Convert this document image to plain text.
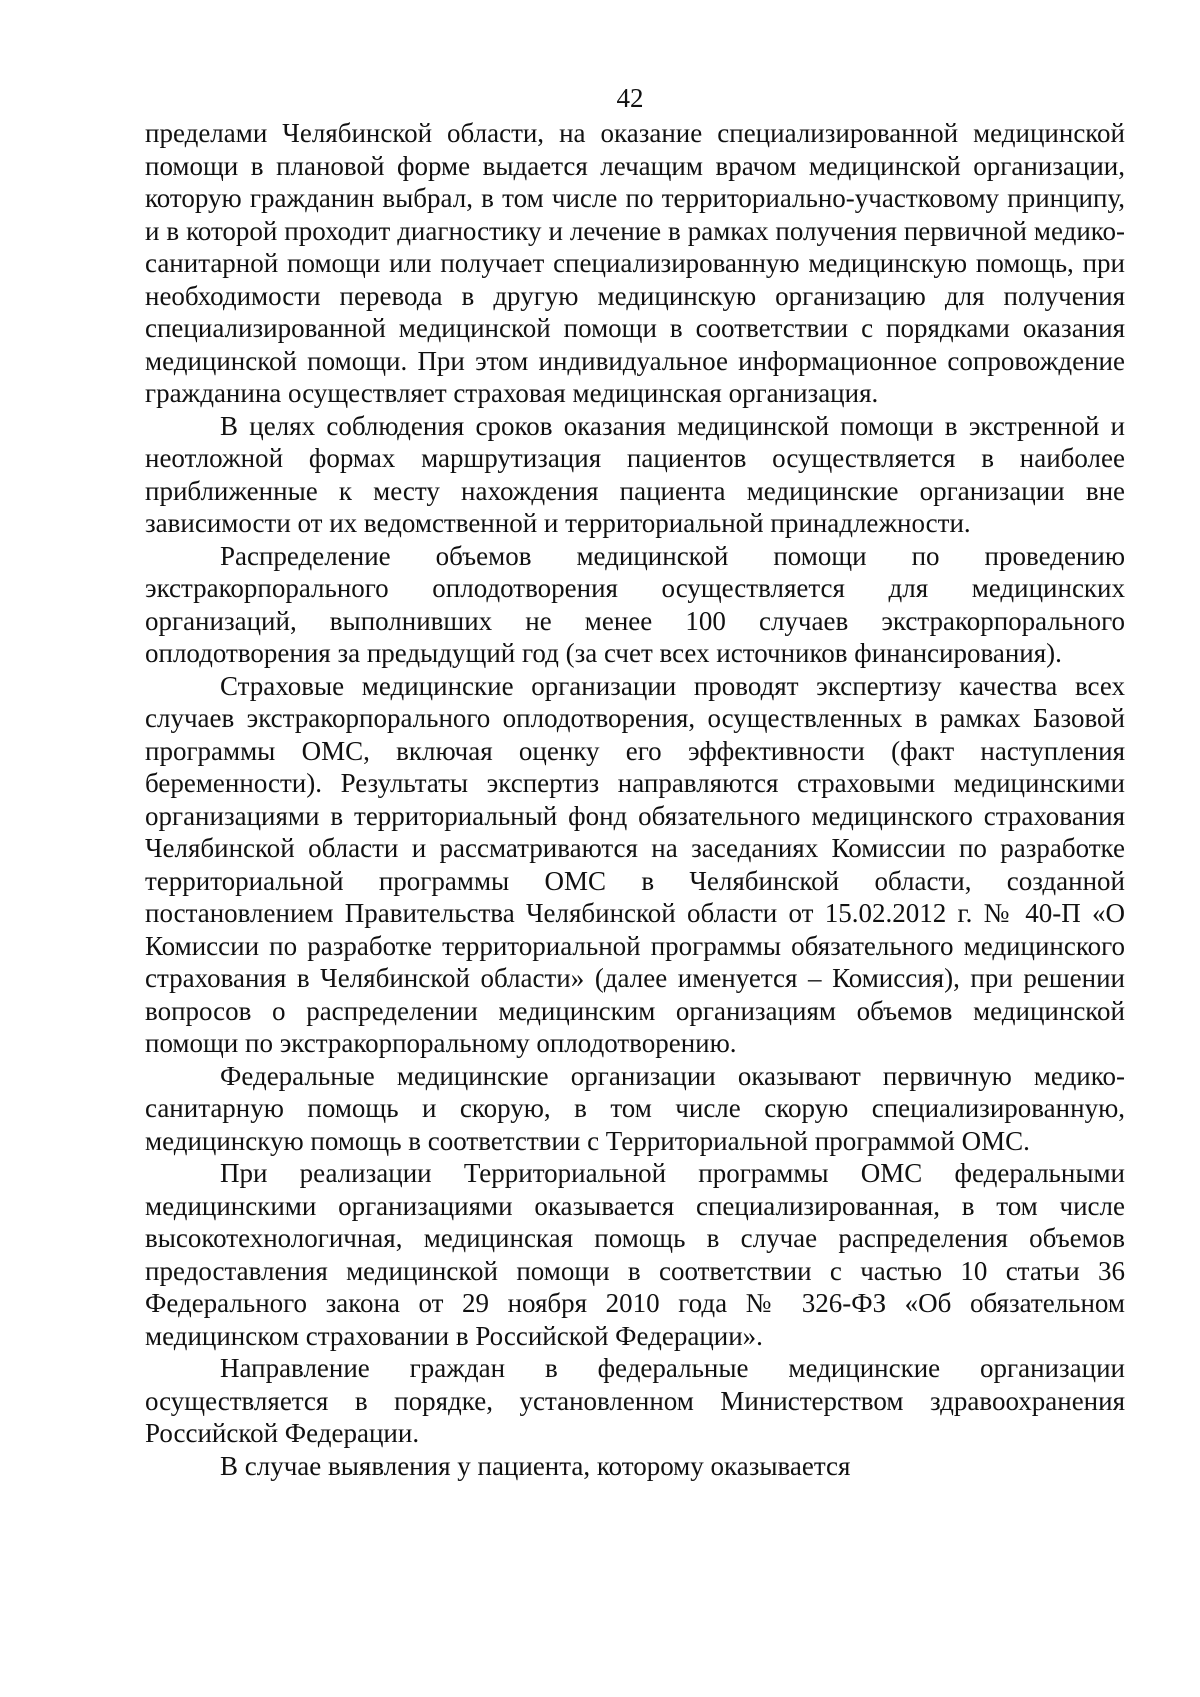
42

пределами Челябинской области, на оказание специализированной медицинской помощи в плановой форме выдается лечащим врачом медицинской организации, которую гражданин выбрал, в том числе по территориально-участковому принципу, и в которой проходит диагностику и лечение в рамках получения первичной медико-санитарной помощи или получает специализированную медицинскую помощь, при необходимости перевода в другую медицинскую организацию для получения специализированной медицинской помощи в соответствии с порядками оказания медицинской помощи. При этом индивидуальное информационное сопровождение гражданина осуществляет страховая медицинская организация.

В целях соблюдения сроков оказания медицинской помощи в экстренной и неотложной формах маршрутизация пациентов осуществляется в наиболее приближенные к месту нахождения пациента медицинские организации вне зависимости от их ведомственной и территориальной принадлежности.

Распределение объемов медицинской помощи по проведению экстракорпорального оплодотворения осуществляется для медицинских организаций, выполнивших не менее 100 случаев экстракорпорального оплодотворения за предыдущий год (за счет всех источников финансирования).

Страховые медицинские организации проводят экспертизу качества всех случаев экстракорпорального оплодотворения, осуществленных в рамках Базовой программы ОМС, включая оценку его эффективности (факт наступления беременности). Результаты экспертиз направляются страховыми медицинскими организациями в территориальный фонд обязательного медицинского страхования Челябинской области и рассматриваются на заседаниях Комиссии по разработке территориальной программы ОМС в Челябинской области, созданной постановлением Правительства Челябинской области от 15.02.2012 г. № 40-П «О Комиссии по разработке территориальной программы обязательного медицинского страхования в Челябинской области» (далее именуется – Комиссия), при решении вопросов о распределении медицинским организациям объемов медицинской помощи по экстракорпоральному оплодотворению.

Федеральные медицинские организации оказывают первичную медико-санитарную помощь и скорую, в том числе скорую специализированную, медицинскую помощь в соответствии с Территориальной программой ОМС.

При реализации Территориальной программы ОМС федеральными медицинскими организациями оказывается специализированная, в том числе высокотехнологичная, медицинская помощь в случае распределения объемов предоставления медицинской помощи в соответствии с частью 10 статьи 36 Федерального закона от 29 ноября 2010 года № 326-ФЗ «Об обязательном медицинском страховании в Российской Федерации».

Направление граждан в федеральные медицинские организации осуществляется в порядке, установленном Министерством здравоохранения Российской Федерации.

В случае выявления у пациента, которому оказывается
